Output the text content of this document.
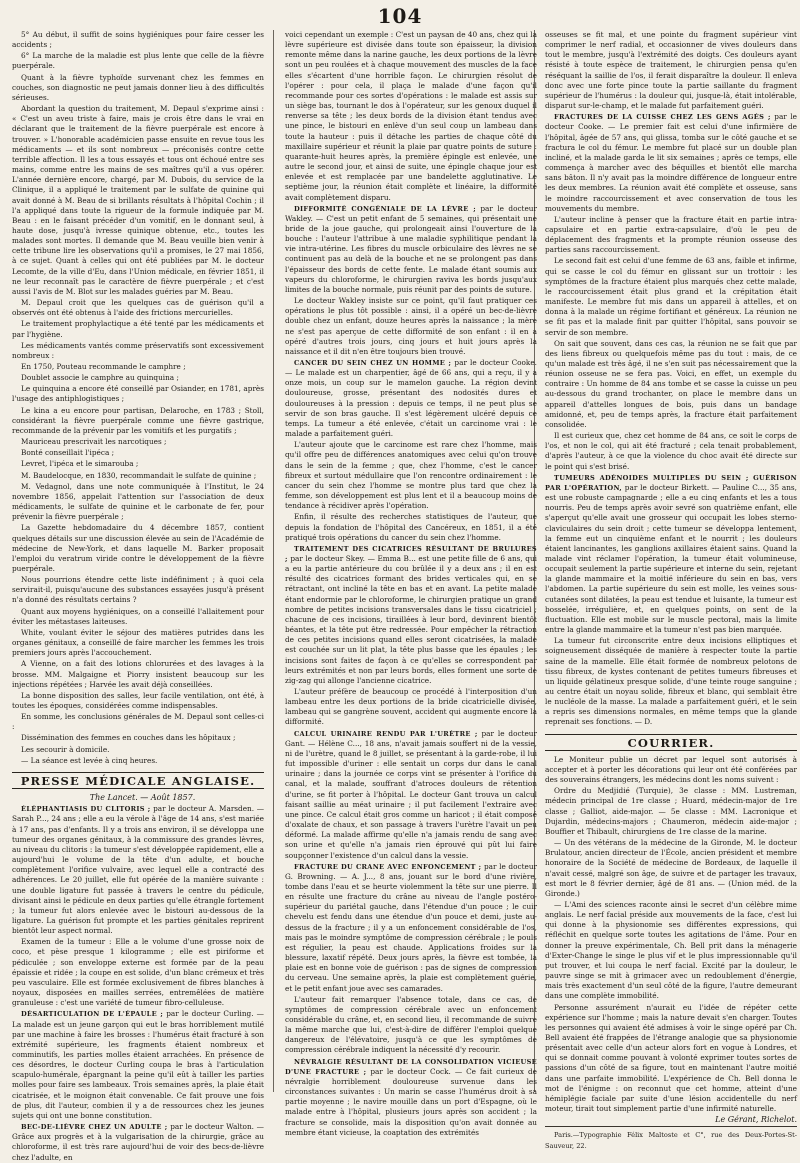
104

5° Au début, il suffit de soins hygiéniques pour faire cesser les accidents ;

6° La marche de la maladie est plus lente que celle de la fièvre puerpérale.

Quant à la fièvre typhoïde survenant chez les femmes en couches, son diagnostic ne peut jamais donner lieu à des difficultés sérieuses.

Abordant la question du traitement, M. Depaul s'exprime ainsi : « C'est un aveu triste à faire, mais je crois être dans le vrai en déclarant que le traitement de la fièvre puerpérale est encore à trouver. » L'honorable académicien passe ensuite en revue tous les médicaments — et ils sont nombreux — préconisés contre cette terrible affection. Il les a tous essayés et tous ont échoué entre ses mains, comme entre les mains de ses maîtres qu'il a vus opérer. L'année dernière encore, chargé, par M. Dubois, du service de la Clinique, il a appliqué le traitement par le sulfate de quinine qui avait donné à M. Beau de si brillants résultats à l'hôpital Cochin ; il l'a appliqué dans toute la rigueur de la formule indiquée par M. Beau : en le faisant précéder d'un vomitif, en le donnant seul, à haute dose, jusqu'à ivresse quinique obtenue, etc., toutes les malades sont mortes. Il demande que M. Beau veuille bien venir à cette tribune lire les observations qu'il a promises, le 27 mai 1856, à ce sujet. Quant à celles qui ont été publiées par M. le docteur Lecomte, de la ville d'Eu, dans l'Union médicale, en février 1851, il ne leur reconnaît pas le caractère de fièvre puerpérale ; et c'est aussi l'avis de M. Blot sur les malades guéries par M. Beau.

M. Depaul croit que les quelques cas de guérison qu'il a observés ont été obtenus à l'aide des frictions mercurielles.

Le traitement prophylactique a été tenté par les médicaments et par l'hygiène.

Les médicaments vantés comme préservatifs sont excessivement nombreux :

En 1750, Pouteau recommande le camphre ;

Doublet associe le camphre au quinquina ;

Le quinquina a encore été conseillé par Osiander, en 1781, après l'usage des antiphlogistiques ;

Le kina a eu encore pour partisan, Delaroche, en 1783 ; Stoll, considérant la fièvre puerpérale comme une fièvre gastrique, recommande de la prévenir par les vomitifs et les purgatifs ;

Mauriceau prescrivait les narcotiques ;

Bonté conseillait l'ipéca ;

Levret, l'ipéca et le simarouba ;

M. Baudelocque, en 1830, recommandait le sulfate de quinine ;

M. Vedagnol, dans une note communiquée à l'Institut, le 24 novembre 1856, appelait l'attention sur l'association de deux médicaments, le sulfate de quinine et le carbonate de fer, pour prévenir la fièvre puerpérale ;

La Gazette hebdomadaire du 4 décembre 1857, contient quelques détails sur une discussion élevée au sein de l'Académie de médecine de New-York, et dans laquelle M. Barker proposait l'emploi du veratrum viride contre le développement de la fièvre puerpérale.

Nous pourrions étendre cette liste indéfiniment ; à quoi cela servirait-il, puisqu'aucune des substances essayées jusqu'à présent n'a donné des résultats certains ?

Quant aux moyens hygiéniques, on a conseillé l'allaitement pour éviter les métastases laiteuses.

White, voulant éviter le séjour des matières putrides dans les organes génitaux, a conseillé de faire marcher les femmes les trois premiers jours après l'accouchement.

A Vienne, on a fait des lotions chlorurées et des lavages à la brosse. MM. Malgaigne et Piorry insistent beaucoup sur les injections répétées ; Harvée les avait déjà conseillées.

La bonne disposition des salles, leur facile ventilation, ont été, à toutes les époques, considérées comme indispensables.

En somme, les conclusions générales de M. Depaul sont celles-ci :

Dissémination des femmes en couches dans les hôpitaux ;

Les secourir à domicile.

— La séance est levée à cinq heures.

PRESSE MÉDICALE ANGLAISE.

The Lancet. — Août 1857.

ÉLÉPHANTIASIS DU CLITORIS ; par le docteur A. Marsden. — Sarah P..., 24 ans ; elle a eu la vérole à l'âge de 14 ans, s'est mariée à 17 ans, pas d'enfants. Il y a trois ans environ, il se développa une tumeur des organes génitaux, à la commissure des grandes lèvres, au niveau du clitoris : la tumeur s'est développée rapidement, elle a aujourd'hui le volume de la tête d'un adulte, et bouche complètement l'orifice vulvaire, avec lequel elle a contracté des adhérences. Le 20 juillet, elle fut opérée de la manière suivante : une double ligature fut passée à travers le centre du pédicule, divisant ainsi le pédicule en deux parties qu'elle étrangle fortement ; la tumeur fut alors enlevée avec le bistouri au-dessous de la ligature. La guérison fut prompte et les parties génitales reprirent bientôt leur aspect normal.

Examen de la tumeur : Elle a le volume d'une grosse noix de coco, et pèse presque 1 kilogramme ; elle est piriforme et pédiculée ; son enveloppe externe est formée par de la peau épaissie et ridée ; la coupe en est solide, d'un blanc crémeux et très peu vasculaire. Elle est formée exclusivement de fibres blanches à noyaux, disposées en mailles serrées, entremêlées de matière granuleuse : c'est une variété de tumeur fibro-celluleuse.

DÉSARTICULATION DE L'ÉPAULE ; par le docteur Curling. — La malade est un jeune garçon qui eut le bras horriblement mutilé par une machine à faire les brosses : l'humérus était fracturé à son extrémité supérieure, les fragments étaient nombreux et comminutifs, les parties molles étaient arrachées. En présence de ces désordres, le docteur Curling coupa le bras à l'articulation scapulo-humérale, épargnant la peine qu'il eût à tailler les parties molles pour faire ses lambeaux. Trois semaines après, la plaie était cicatrisée, et le moignon était convenable. Ce fait prouve une fois de plus, dit l'auteur, combien il y a de ressources chez les jeunes sujets qui ont une bonne constitution.

BEC-DE-LIÈVRE CHEZ UN ADULTE ; par le docteur Walton. — Grâce aux progrès et à la vulgarisation de la chirurgie, grâce au chloroforme, il est très rare aujourd'hui de voir des becs-de-lièvre chez l'adulte, en

voici cependant un exemple : C'est un paysan de 40 ans, chez qui la lèvre supérieure est divisée dans toute son épaisseur, la division remonte même dans la narine gauche, les deux portions de la lèvre sont un peu roulées et à chaque mouvement des muscles de la face elles s'écartent d'une horrible façon. Le chirurgien résolut de l'opérer : pour cela, il plaça le malade d'une façon qu'il recommande pour ces sortes d'opérations : le malade est assis sur un siège bas, tournant le dos à l'opérateur, sur les genoux duquel il renverse sa tête ; les deux bords de la division étant tendus avec une pince, le bistouri en enlève d'un seul coup un lambeau dans toute la hauteur : puis il détache les parties de chaque côté du maxillaire supérieur et réunit la plaie par quatre points de suture : quarante-huit heures après, la première épingle est enlevée, une autre le second jour, et ainsi de suite, une épingle chaque jour est enlevée et est remplacée par une bandelette agglutinative. Le septième jour, la réunion était complète et linéaire, la difformité avait complètement disparu.

DIFFORMITÉ CONGÉNIALE DE LA LÈVRE ; par le docteur Wakley. — C'est un petit enfant de 5 semaines, qui présentait une bride de la joue gauche, qui prolongeait ainsi l'ouverture de la bouche : l'auteur l'attribue à une maladie syphilitique pendant la vie intra-utérine. Les fibres du muscle orbiculaire des lèvres ne se continuent pas au delà de la bouche et ne se prolongent pas dans l'épaisseur des bords de cette fente. Le malade étant soumis aux vapeurs du chloroforme, le chirurgien raviva les bords jusqu'aux limites de la bouche normale, puis réunit par des points de suture.

Le docteur Wakley insiste sur ce point, qu'il faut pratiquer ces opérations le plus tôt possible : ainsi, il a opéré un bec-de-lièvre double chez un enfant, douze heures après la naissance ; la mère ne s'est pas aperçue de cette difformité de son enfant : il en a opéré d'autres trois jours, cinq jours et huit jours après la naissance et il dit n'en être toujours bien trouvé.

CANCER DU SEIN CHEZ UN HOMME ; par le docteur Cooke. — Le malade est un charpentier, âgé de 66 ans, qui a reçu, il y a onze mois, un coup sur le mamelon gauche. La région devint douloureuse, grosse, présentant des nodosités dures et douloureuses à la pression : depuis ce temps, il ne peut plus se servir de son bras gauche. Il s'est légèrement ulcéré depuis ce temps. La tumeur a été enlevée, c'était un carcinome vrai : le malade a parfaitement guéri.

L'auteur ajoute que le carcinome est rare chez l'homme, mais qu'il offre peu de différences anatomiques avec celui qu'on trouve dans le sein de la femme ; que, chez l'homme, c'est le cancer fibreux et surtout médullaire que l'on rencontre ordinairement : le cancer du sein chez l'homme se montre plus tard que chez la femme, son développement est plus lent et il a beaucoup moins de tendance à récidiver après l'opération.

Enfin, il résulte des recherches statistiques de l'auteur, que depuis la fondation de l'hôpital des Cancéreux, en 1851, il a été pratiqué trois opérations du cancer du sein chez l'homme.

TRAITEMENT DES CICATRICES RÉSULTANT DE BRULURES ; par le docteur Skey. — Emma B... est une petite fille de 6 ans, qui a eu la partie antérieure du cou brûlée il y a deux ans ; il en est résulté des cicatrices formant des brides verticales qui, en se rétractant, ont incliné la tête en bas et en avant. La petite malade étant endormie par le chloroforme, le chirurgien pratique un grand nombre de petites incisions transversales dans le tissu cicatriciel ; chacune de ces incisions, tiraillées à leur bord, devinrent bientôt béantes, et la tête put être redressée. Pour empêcher la rétraction de ces petites incisions quand elles seront cicatrisées, la malade est couchée sur un lit plat, la tête plus basse que les épaules ; les incisions sont faites de façon à ce qu'elles se correspondent par leurs extrémités et non par leurs bords, elles forment une sorte de zig-zag qui allonge l'ancienne cicatrice.

L'auteur préfère de beaucoup ce procédé à l'interposition d'un lambeau entre les deux portions de la bride cicatricielle divisée, lambeau qui se gangrène souvent, accident qui augmente encore la difformité.

CALCUL URINAIRE RENDU PAR L'URÈTRE ; par le docteur Gant. — Hélène C..., 18 ans, n'avait jamais souffert ni de la vessie, ni de l'urètre, quand le 8 juillet, se présentant à la garde-robe, il lui fut impossible d'uriner : elle sentait un corps dur dans le canal urinaire ; dans la journée ce corps vint se présenter à l'orifice du canal, et la malade, souffrant d'atroces douleurs de rétention d'urine, se fit porter à l'hôpital. Le docteur Gant trouva un calcul faisant saillie au méat urinaire ; il put facilement l'extraire avec une pince. Ce calcul était gros comme un haricot ; il était composé d'oxalate de chaux, et son passage à travers l'urètre l'avait un peu déformé. La malade affirme qu'elle n'a jamais rendu de sang avec son urine et qu'elle n'a jamais rien éprouvé qui pût lui faire soupçonner l'existence d'un calcul dans la vessie.

FRACTURE DU CRANE AVEC ENFONCEMENT ; par le docteur G. Browning. — A. J..., 8 ans, jouant sur le bord d'une rivière, tombe dans l'eau et se heurte violemment la tête sur une pierre. Il en résulte une fracture du crâne au niveau de l'angle postéro-supérieur du pariétal gauche, dans l'étendue d'un pouce ; le cuir chevelu est fendu dans une étendue d'un pouce et demi, juste au-dessus de la fracture ; il y a un enfoncement considérable de l'os, mais pas le moindre symptôme de compression cérébrale ; le pouls est régulier, la peau est chaude. Applications froides sur la blessure, laxatif répété. Deux jours après, la fièvre est tombée, la plaie est en bonne voie de guérison : pas de signes de compression du cerveau. Une semaine après, la plaie est complètement guérie, et le petit enfant joue avec ses camarades.

L'auteur fait remarquer l'absence totale, dans ce cas, de symptômes de compression cérébrale avec un enfoncement considérable du crâne, et, en second lieu, il recommande de suivre la même marche que lui, c'est-à-dire de différer l'emploi quelque dangereux de l'élévatoire, jusqu'à ce que les symptômes de compression cérébrale indiquent la nécessité d'y recourir.

NÉVRALGIE RÉSULTANT DE LA CONSOLIDATION VICIEUSE D'UNE FRACTURE ; par le docteur Cock. — Ce fait curieux de névralgie horriblement douloureuse survenue dans les circonstances suivantes : Un marin se casse l'humérus droit à sa partie moyenne ; le navire mouille dans un port d'Espagne, où le malade entre à l'hôpital, plusieurs jours après son accident ; la fracture se consolide, mais la disposition qu'on avait donnée au membre étant vicieuse, la coaptation des extrémités

osseuses se fit mal, et une pointe du fragment supérieur vint comprimer le nerf radial, et occasionner de vives douleurs dans tout le membre, jusqu'à l'extrémité des doigts. Ces douleurs ayant résisté à toute espèce de traitement, le chirurgien pensa qu'en réséquant la saillie de l'os, il ferait disparaître la douleur. Il enleva donc avec une forte pince toute la partie saillante du fragment supérieur de l'humérus : la douleur qui, jusque-là, était intolérable, disparut sur-le-champ, et le malade fut parfaitement guéri.

FRACTURES DE LA CUISSE CHEZ LES GENS AGÉS ; par le docteur Cooke. — Le premier fait est celui d'une infirmière de l'hôpital, âgée de 57 ans, qui glissa, tomba sur le côté gauche et se fractura le col du fémur. Le membre fut placé sur un double plan incliné, et la malade garda le lit six semaines ; après ce temps, elle commença à marcher avec des béquilles et bientôt elle marcha sans bâton. Il n'y avait pas la moindre différence de longueur entre les deux membres. La réunion avait été complète et osseuse, sans le moindre raccourcissement et avec conservation de tous les mouvements du membre.

L'auteur incline à penser que la fracture était en partie intra-capsulaire et en partie extra-capsulaire, d'où le peu de déplacement des fragments et la prompte réunion osseuse des parties sans raccourcissement.

Le second fait est celui d'une femme de 63 ans, faible et infirme, qui se casse le col du fémur en glissant sur un trottoir : les symptômes de la fracture étaient plus marqués chez cette malade, le raccourcissement était plus grand et la crépitation était manifeste. Le membre fut mis dans un appareil à attelles, et on donna à la malade un régime fortifiant et généreux. La réunion ne se fit pas et la malade finit par quitter l'hôpital, sans pouvoir se servir de son membre.

On sait que souvent, dans ces cas, la réunion ne se fait que par des liens fibreux ou quelquefois même pas du tout : mais, de ce qu'un malade est très âgé, il ne s'en suit pas nécessairement que la réunion osseuse ne se fera pas. Voici, en effet, un exemple du contraire : Un homme de 84 ans tombe et se casse la cuisse un peu au-dessous du grand trochanter, on place le membre dans un appareil d'attelles longues de bois, puis dans un bandage amidonné, et, peu de temps après, la fracture était parfaitement consolidée.

Il est curieux que, chez cet homme de 84 ans, ce soit le corps de l'os, et non le col, qui ait été fracturé ; cela tenait probablement, d'après l'auteur, à ce que la violence du choc avait été directe sur le point qui s'est brisé.

TUMEURS ADÉNOIDES MULTIPLES DU SEIN ; GUÉRISON PAR L'OPÉRATION, par le docteur Birkett. — Pauline C..., 35 ans, est une robuste campagnarde ; elle a eu cinq enfants et les a tous nourris. Peu de temps après avoir sevré son quatrième enfant, elle s'aperçut qu'elle avait une grosseur qui occupait les lobes sterno-claviculaires du sein droit ; cette tumeur se développa lentement, la femme eut un cinquième enfant et le nourrit ; les douleurs étaient lancinantes, les ganglions axillaires étaient sains. Quand la malade vint réclamer l'opération, la tumeur était volumineuse, occupait seulement la partie supérieure et interne du sein, rejetant la glande mammaire et la moitié inférieure du sein en bas, vers l'abdomen. La partie supérieure du sein est molle, les veines sous-cutanées sont dilatées, la peau est tendue et luisante, la tumeur est bosselée, irrégulière, et, en quelques points, on sent de la fluctuation. Elle est mobile sur le muscle pectoral, mais la limite entre la glande mammaire et la tumeur n'est pas bien marquée.

La tumeur fut circonscrite entre deux incisions elliptiques et soigneusement disséquée de manière à respecter toute la partie saine de la mamelle. Elle était formée de nombreux pelotons de tissu fibreux, de kystes contenant de petites tumeurs fibreuses et un liquide gélatineux presque solide, d'une teinte rouge sanguine ; au centre était un noyau solide, fibreux et blanc, qui semblait être le nucléole de la masse. La malade a parfaitement guéri, et le sein a repris ses dimensions normales, en même temps que la glande reprenait ses fonctions. — D.

COURRIER.

Le Moniteur publie un décret par lequel sont autorisés à accepter et à porter les décorations qui leur ont été conférées par des souverains étrangers, les médecins dont les noms suivent :

Ordre du Medjidié (Turquie), 3e classe : MM. Lustreman, médecin principal de 1re classe ; Huard, médecin-major de 1re classe ; Galliot, aide-major. — 5e classe : MM. Lacronique et Dujardin, médecins-majors ; Chaumeron, médecin aide-major ; Bouffier et Thibault, chirurgiens de 1re classe de la marine.

— Un des vétérans de la médecine de la Gironde, M. le docteur Brulatour, ancien directeur de l'École, ancien président et membre honoraire de la Société de médecine de Bordeaux, de laquelle il n'avait cessé, malgré son âge, de suivre et de partager les travaux, est mort le 8 février dernier, âgé de 81 ans. — (Union méd. de la Gironde.)

— L'Ami des sciences raconte ainsi le secret d'un célèbre mime anglais. Le nerf facial préside aux mouvements de la face, c'est lui qui donne à la physionomie ses différentes expressions, qui réfléchit en quelque sorte toutes les agitations de l'âme. Pour en donner la preuve expérimentale, Ch. Bell prit dans la ménagerie d'Exter-Change le singe le plus vif et le plus impressionnable qu'il put trouver, et lui coupa le nerf facial. Excité par la douleur, le pauvre singe se mit à grimacer avec un redoublement d'énergie, mais très exactement d'un seul côté de la figure, l'autre demeurant dans une complète immobilité.

Personne assurément n'aurait eu l'idée de répéter cette expérience sur l'homme ; mais la nature devait s'en charger. Toutes les personnes qui avaient été admises à voir le singe opéré par Ch. Bell avaient été frappées de l'étrange analogie que sa physionomie présentait avec celle d'un acteur alors fort en vogue à Londres, et qui se donnait comme pouvant à volonté exprimer toutes sortes de passions d'un côté de sa figure, tout en maintenant l'autre moitié dans une parfaite immobilité. L'expérience de Ch. Bell donna le mot de l'énigme : on reconnut que cet homme, atteint d'une hémiplégie faciale par suite d'une lésion accidentelle du nerf moteur, tirait tout simplement partie d'une infirmité naturelle.

Le Gérant, Richelot.

Paris.—Typographie Félix Maltoste et C°, rue des Deux-Portes-St-Sauveur, 22.
